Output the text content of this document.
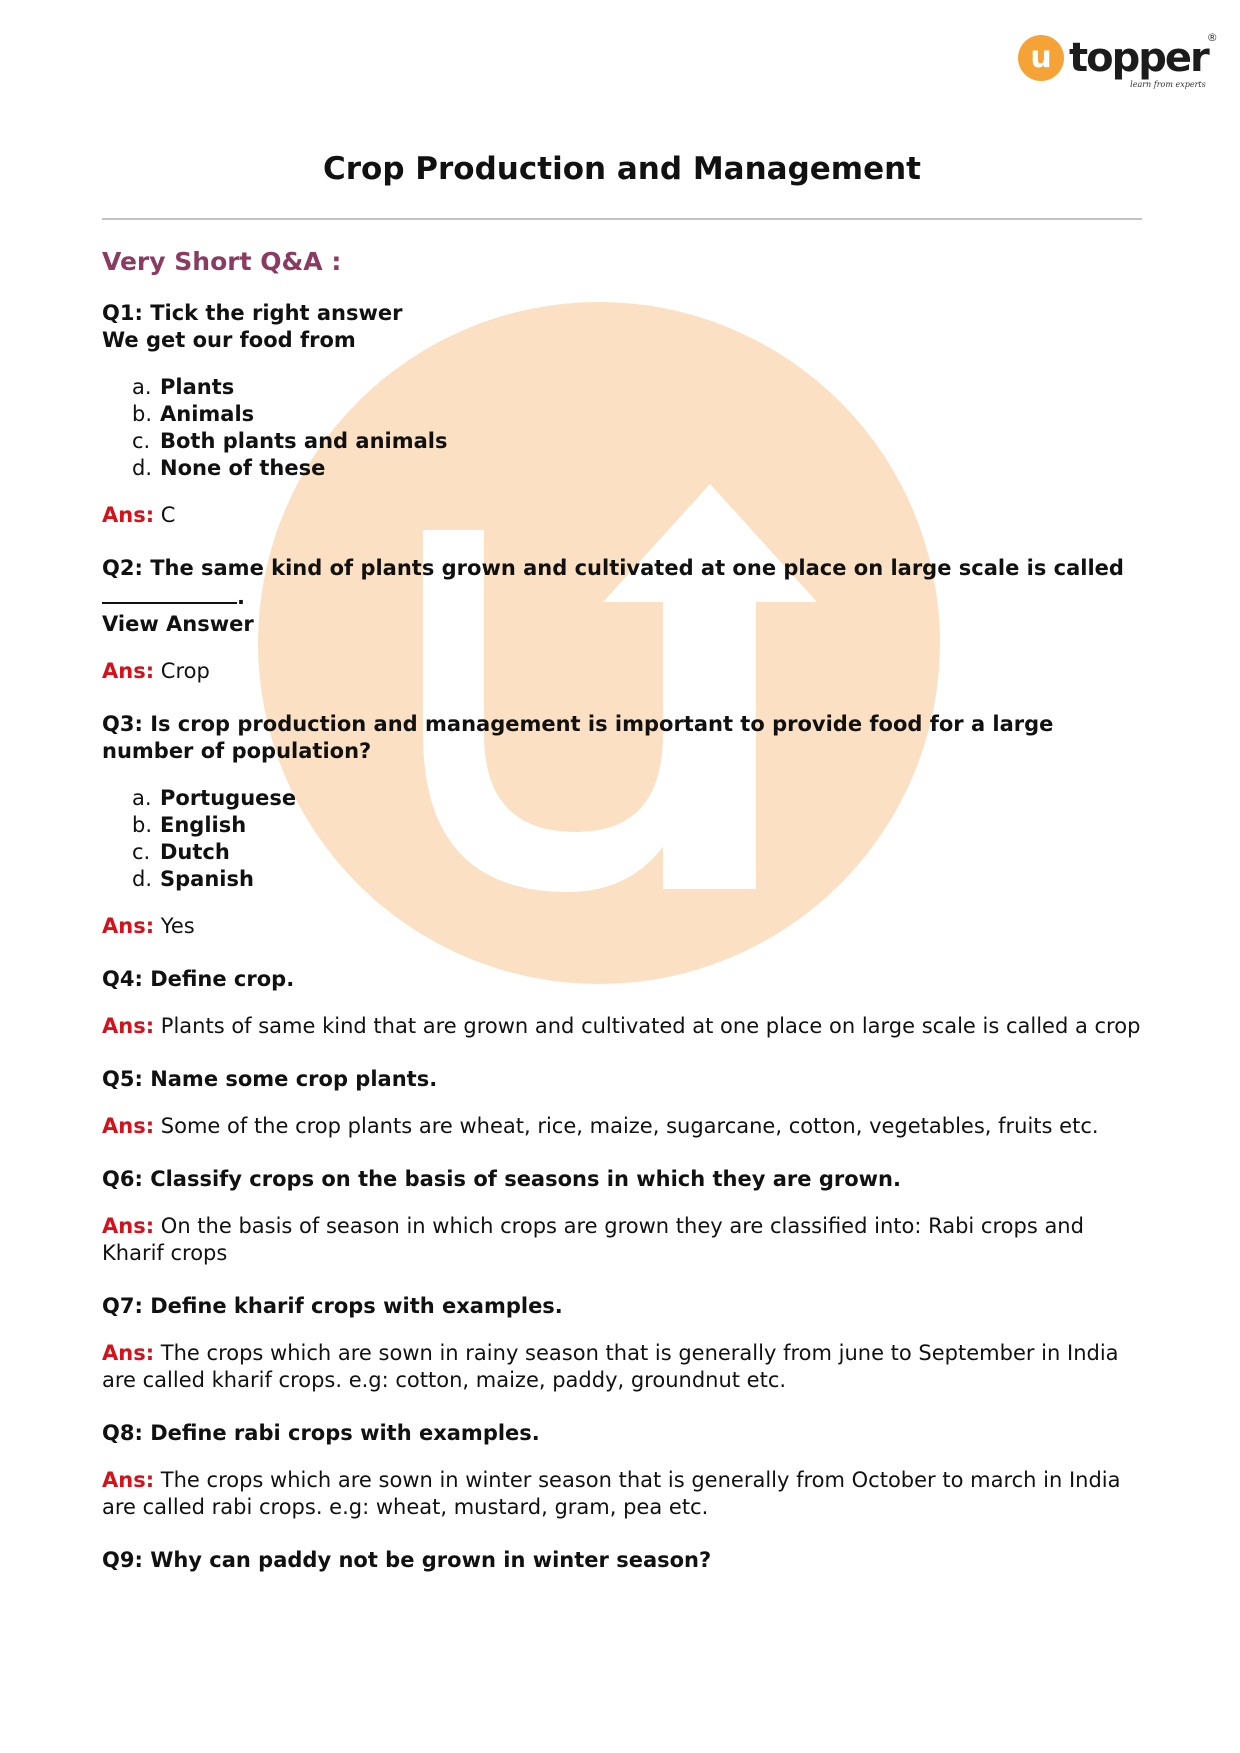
u topper ®
learn from experts
Crop Production and Management
Very Short Q&A :

Q1: Tick the right answer

We get our food from

a. Plants
b. Animals
c. Both plants and animals
d. None of these

Ans: C

Q2: The same kind of plants grown and cultivated at one place on large scale is called.

View Answer

Ans: Crop

Q3: Is crop production and management is important to provide food for a large number of population?

a. Portuguese
b. English
c. Dutch
d. Spanish

Ans: Yes

Q4: Define crop.

Ans: Plants of same kind that are grown and cultivated at one place on large scale is called a crop

Q5: Name some crop plants.

Ans: Some of the crop plants are wheat, rice, maize, sugarcane, cotton, vegetables, fruits etc.

Q6: Classify crops on the basis of seasons in which they are grown.

Ans: On the basis of season in which crops are grown they are classified into: Rabi crops and Kharif crops

Q7: Define kharif crops with examples.

Ans: The crops which are sown in rainy season that is generally from june to September in India are called kharif crops. e.g: cotton, maize, paddy, groundnut etc.

Q8: Define rabi crops with examples.

Ans: The crops which are sown in winter season that is generally from October to march in India are called rabi crops. e.g: wheat, mustard, gram, pea etc.

Q9: Why can paddy not be grown in winter season?
